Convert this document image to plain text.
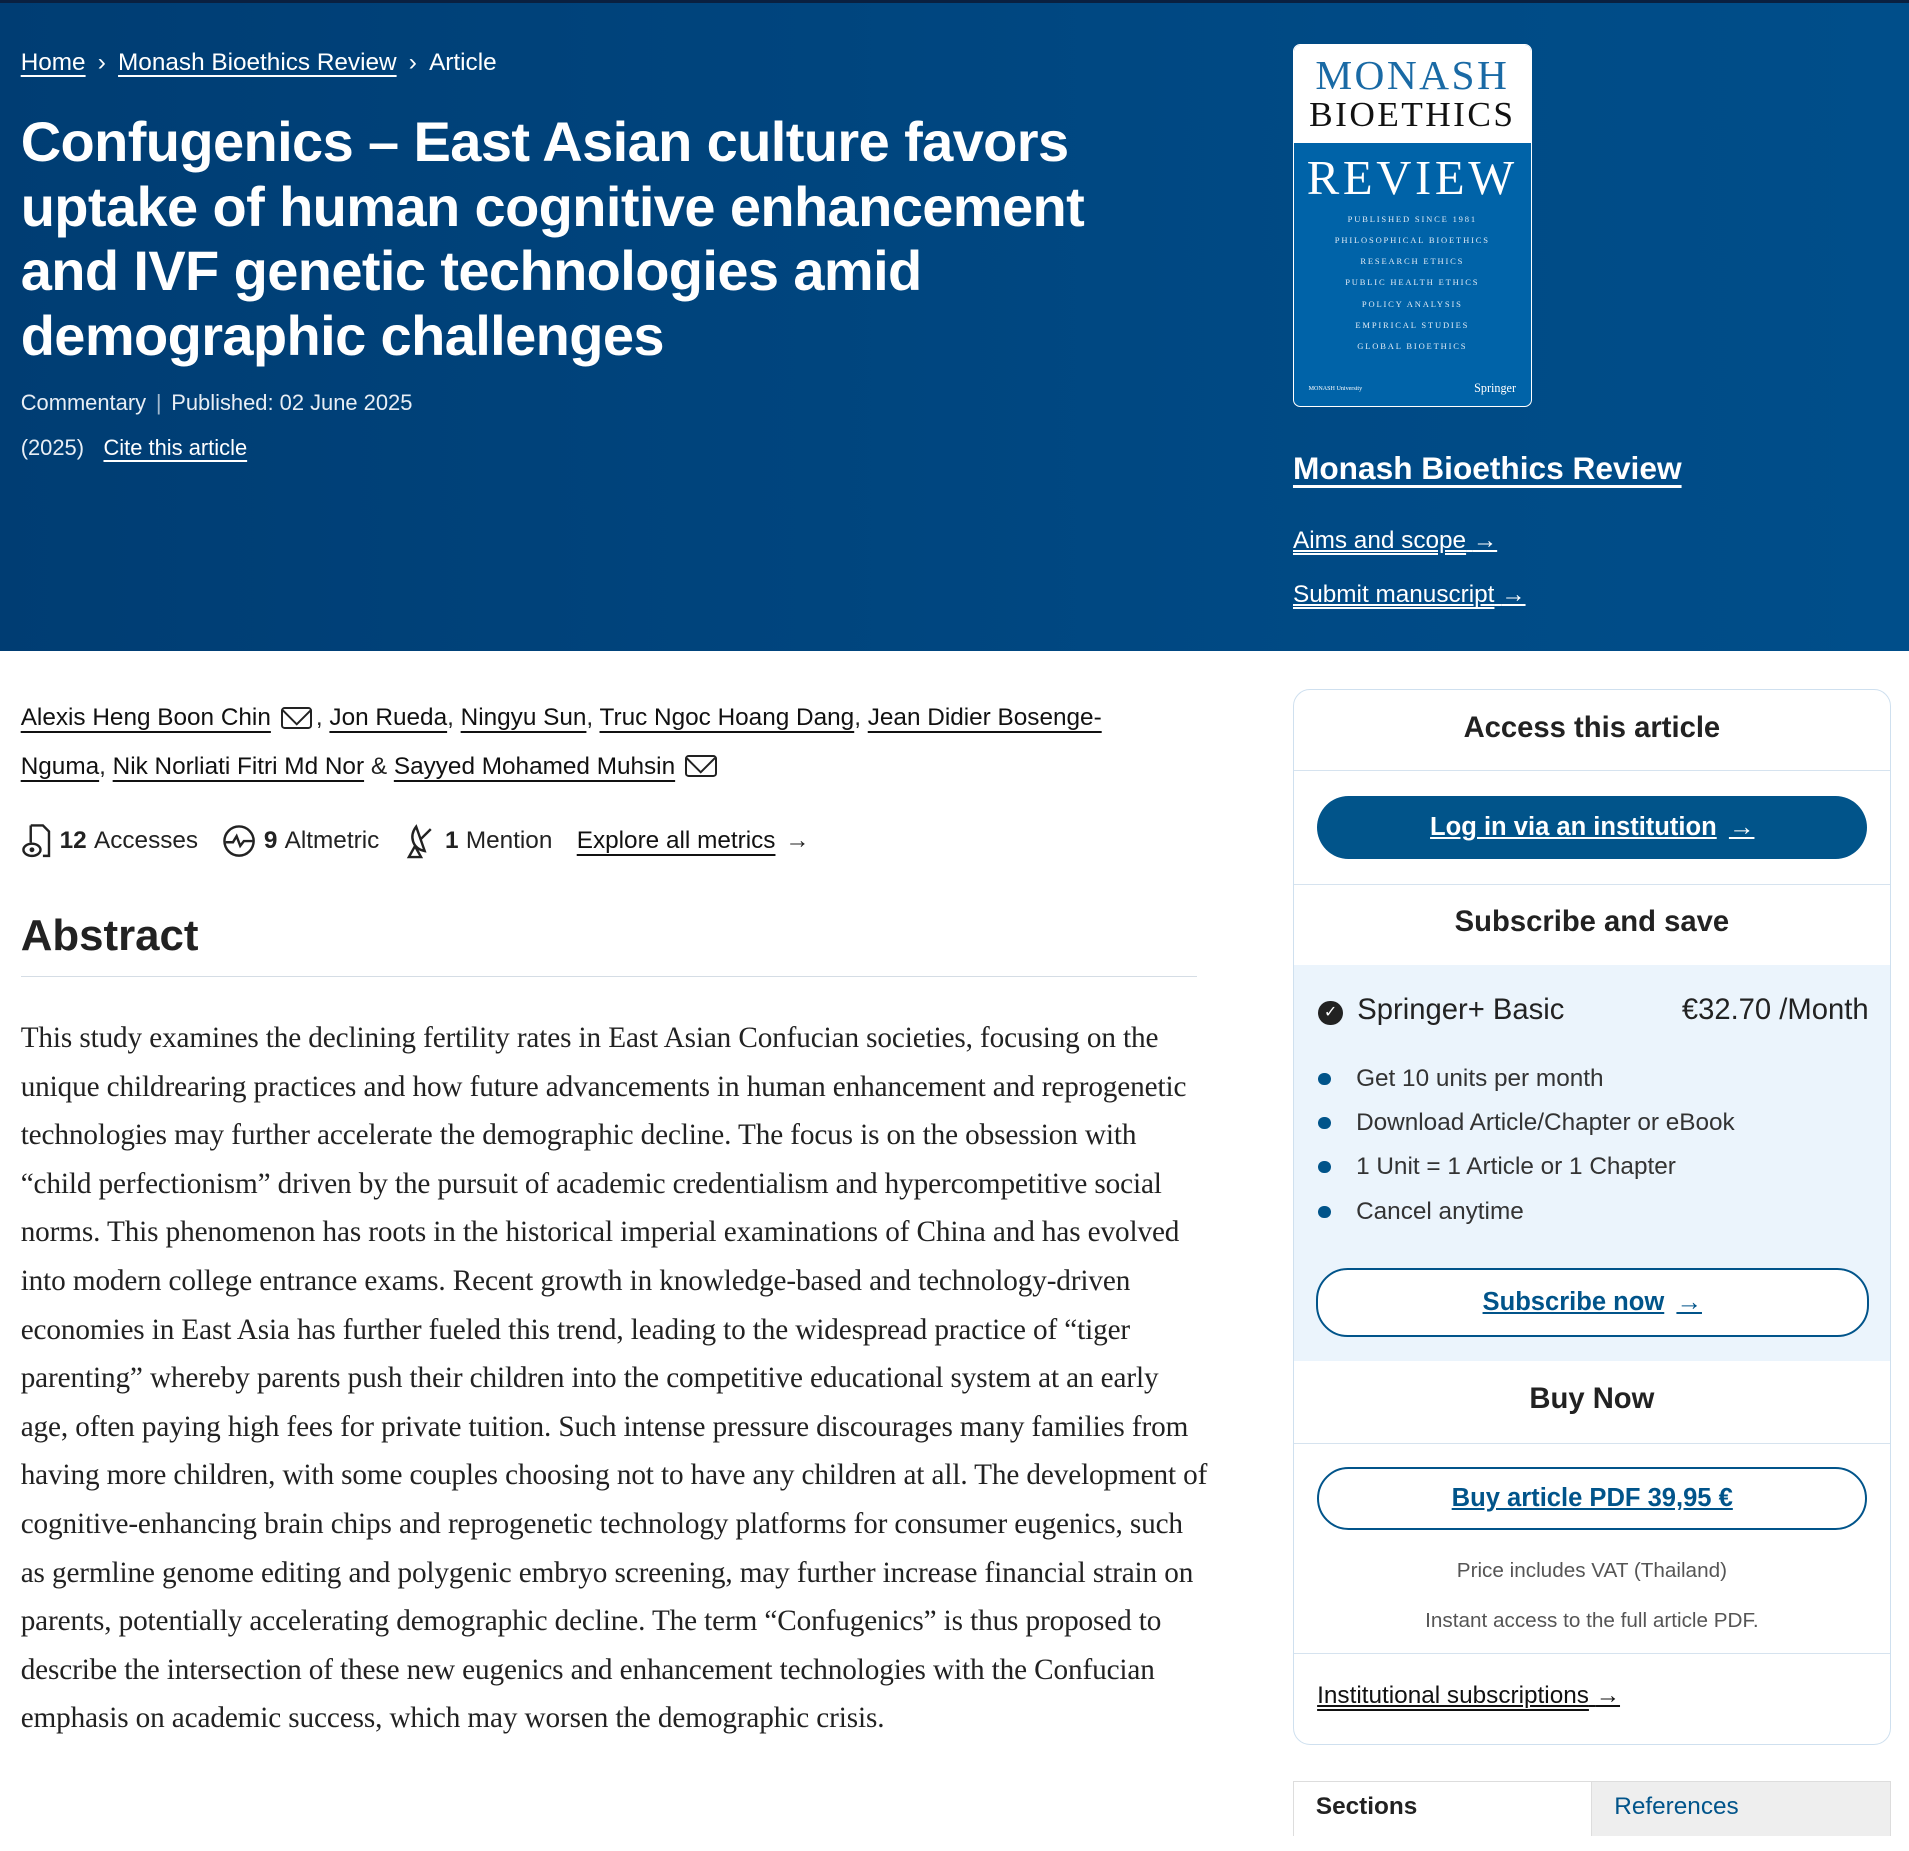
Home › Monash Bioethics Review › Article
Confugenics – East Asian culture favors uptake of human cognitive enhancement and IVF genetic technologies amid demographic challenges
Commentary | Published: 02 June 2025
(2025) Cite this article
MONASH
BIOETHICS
REVIEW
PUBLISHED SINCE 1981
PHILOSOPHICAL BIOETHICS
RESEARCH ETHICS
PUBLIC HEALTH ETHICS
POLICY ANALYSIS
EMPIRICAL STUDIES
GLOBAL BIOETHICS
MONASH University	Springer
Monash Bioethics Review
Aims and scope →
Submit manuscript →
Alexis Heng Boon Chin , Jon Rueda, Ningyu Sun, Truc Ngoc Hoang Dang, Jean Didier Bosenge-Nguma, Nik Norliati Fitri Md Nor & Sayyed Mohamed Muhsin
12 Accesses	9 Altmetric	1 Mention Explore all metrics →
Abstract

This study examines the declining fertility rates in East Asian Confucian societies, focusing on the unique childrearing practices and how future advancements in human enhancement and reprogenetic technologies may further accelerate the demographic decline. The focus is on the obsession with “child perfectionism” driven by the pursuit of academic credentialism and hypercompetitive social norms. This phenomenon has roots in the historical imperial examinations of China and has evolved into modern college entrance exams. Recent growth in knowledge-based and technology-driven economies in East Asia has further fueled this trend, leading to the widespread practice of “tiger parenting” whereby parents push their children into the competitive educational system at an early age, often paying high fees for private tuition. Such intense pressure discourages many families from having more children, with some couples choosing not to have any children at all. The development of cognitive-enhancing brain chips and reprogenetic technology platforms for consumer eugenics, such as germline genome editing and polygenic embryo screening, may further increase financial strain on parents, potentially accelerating demographic decline. The term “Confugenics” is thus proposed to describe the intersection of these new eugenics and enhancement technologies with the Confucian emphasis on academic success, which may worsen the demographic crisis.

Access this article
Log in via an institution →
Subscribe and save
✓ Springer+ Basic	€32.70 /Month
Get 10 units per month
Download Article/Chapter or eBook
1 Unit = 1 Article or 1 Chapter
Cancel anytime
Subscribe now →
Buy Now
Buy article PDF 39,95 €
Price includes VAT (Thailand)
Instant access to the full article PDF.
Institutional subscriptions →
Sections	References
